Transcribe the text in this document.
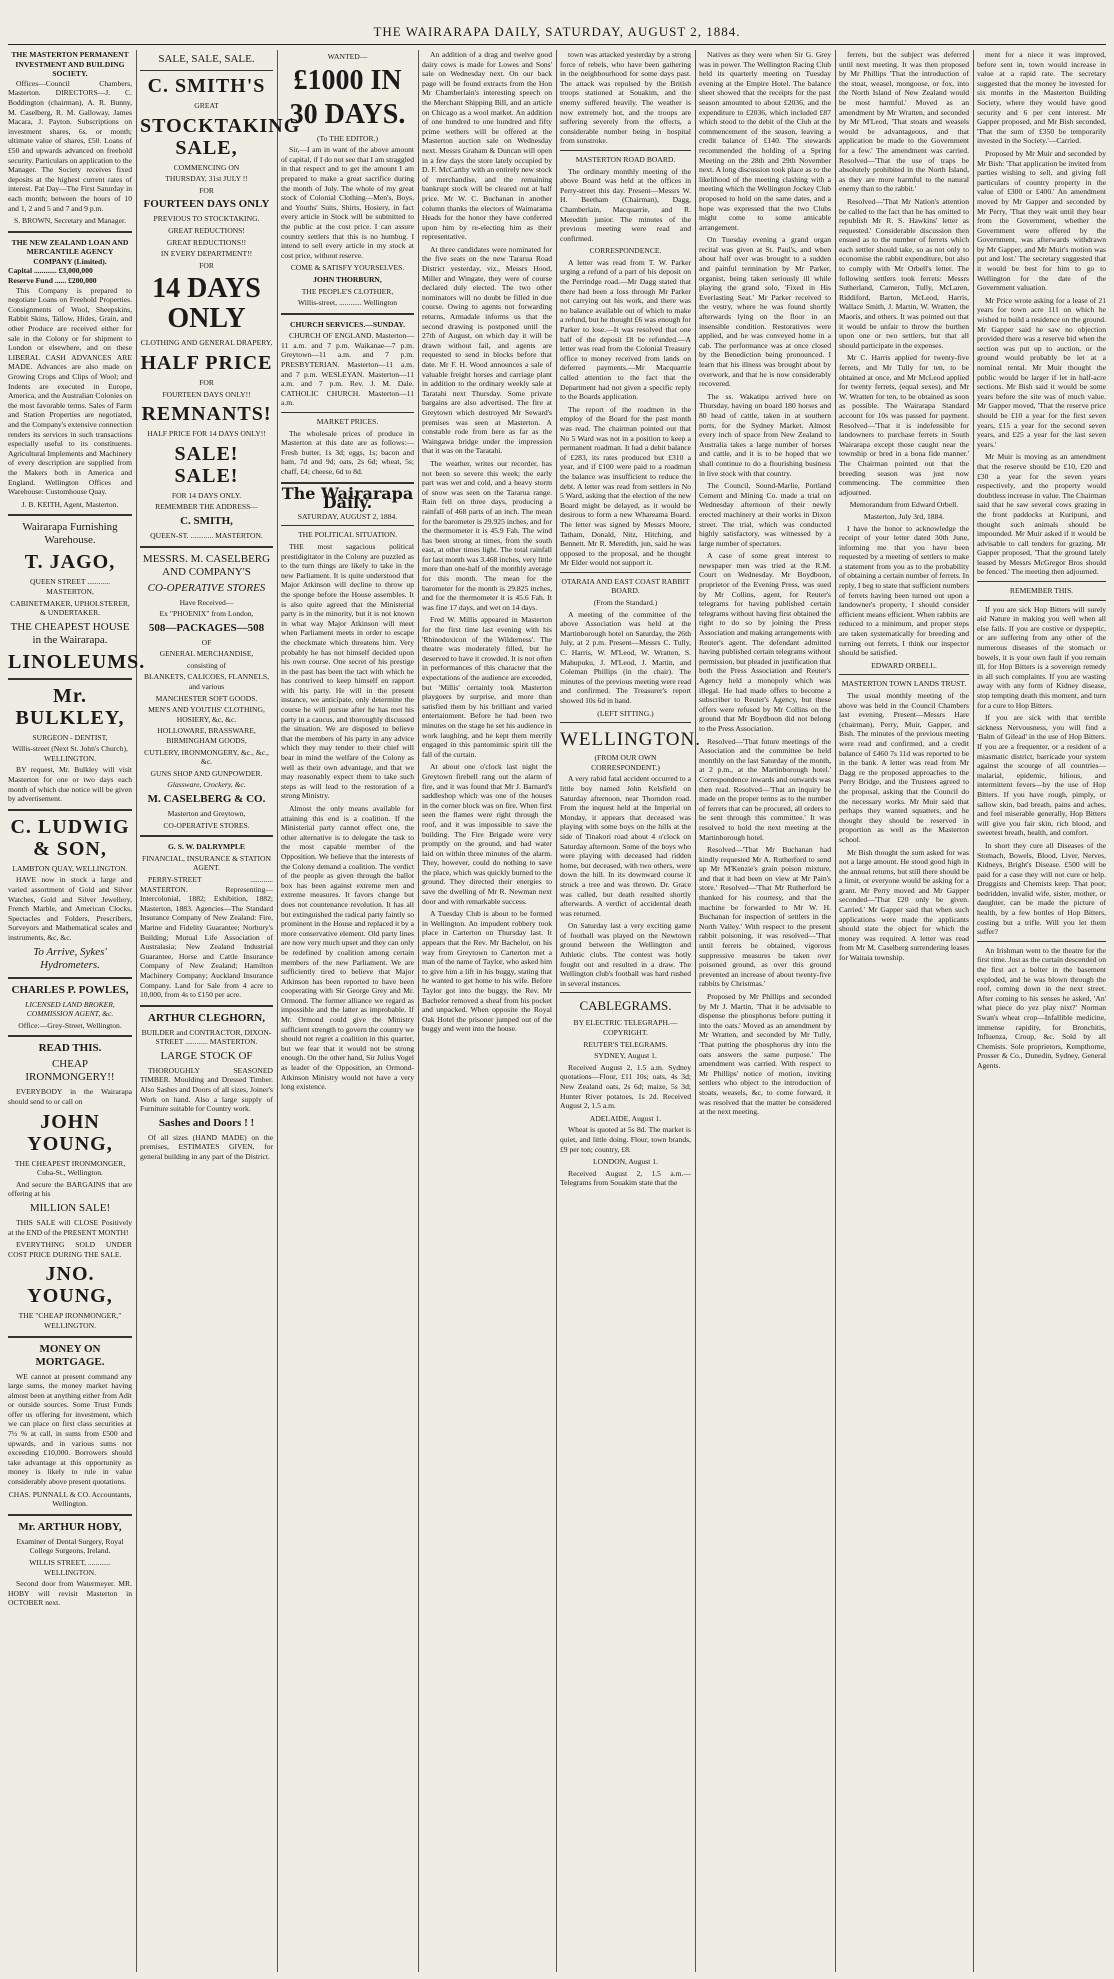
THE WAIRARAPA DAILY, SATURDAY, AUGUST 2, 1884.
THE MASTERTON PERMANENT INVESTMENT AND BUILDING SOCIETY.

Offices—Council Chambers, Masterton. DIRECTORS—J. C. Boddington (chairman), A. R. Bunny, M. Caselberg, R. M. Galloway, James Macara, J. Payton. Subscriptions on investment shares, 6s. or month; ultimate value of shares, £50. Loans of £50 and upwards advanced on freehold security. Particulars on application to the Manager. The Society receives fixed deposits at the highest current rates of interest. Pat Day—The First Saturday in each month; between the hours of 10 and 1, 2 and 5 and 7 and 9 p.m.

S. BROWN, Secretary and Manager.
THE NEW ZEALAND LOAN AND MERCANTILE AGENCY COMPANY (Limited).
Capital ............ £3,000,000
Reserve Fund ...... £200,000

This Company is prepared to negotiate Loans on Freehold Properties. Consignments of Wool, Sheepskins, Rabbit Skins, Tallow, Hides, Grain, and other Produce are received either for sale in the Colony or for shipment to London or elsewhere, and on these LIBERAL CASH ADVANCES ARE MADE. Advances are also made on Growing Crops and Clips of Wool; and Indents are executed in Europe, America, and the Australian Colonies on the most favorable terms. Sales of Farm and Station Properties are negotiated, and the Company's extensive connection renders its services in such transactions especially useful to its constituents. Agricultural Implements and Machinery of every description are supplied from the Makers both in America and England. Wellington Offices and Warehouse: Customhouse Quay.

J. B. KEITH, Agent, Masterton.
Wairarapa Furnishing Warehouse.
T. JAGO,
QUEEN STREET ............ MASTERTON,
CABINETMAKER, UPHOLSTERER, & UNDERTAKER.
THE CHEAPEST HOUSE in the Wairarapa.
LINOLEUMS.
Mr. BULKLEY,
SURGEON - DENTIST,
Willis-street (Next St. John's Church), WELLINGTON.

BY request, Mr. Bulkley will visit Masterton for one or two days each month of which due notice will be given by advertisement.

C. LUDWIG & SON,
LAMBTON QUAY, WELLINGTON.

HAVE now in stock a large and varied assortment of Gold and Silver Watches, Gold and Silver Jewellery, French Marble, and American Clocks, Spectacles and Folders, Prescribers, Surveyors and Mathematical scales and instruments, &c, &c.

To Arrive, Sykes' Hydrometers.
CHARLES P. POWLES,
LICENSED LAND BROKER, COMMISSION AGENT, &c.
Office:—Grey-Street, Wellington.
READ THIS.
CHEAP IRONMONGERY!!

EVERYBODY in the Wairarapa should send to or call on

JOHN YOUNG,
THE CHEAPEST IRONMONGER, Cuba-St., Wellington.

And secure the BARGAINS that are offering at his

MILLION SALE!

THIS SALE will CLOSE Positively at the END of the PRESENT MONTH!

EVERYTHING SOLD UNDER COST PRICE DURING THE SALE.

JNO. YOUNG,
THE "CHEAP IRONMONGER," WELLINGTON.
MONEY ON MORTGAGE.

WE cannot at present command any large sums, the money market having almost been at anything either from Adit or outside sources. Some Trust Funds offer us offering for investment, which we can place on first class securities at 7½ % at call, in sums from £500 and upwards, and in various sums not exceeding £10,000. Borrowers should take advantage at this opportunity as money is likely to rule in value considerably above present quotations.

CHAS. PUNNALL & CO. Accountants, Wellington.
Mr. ARTHUR HOBY,
Examiner of Dental Surgery, Royal College Surgeons, Ireland.
WILLIS STREET, ............ WELLINGTON.

Second door from Watermeyer. MR. HOBY will revisit Masterton in OCTOBER next.

SALE, SALE, SALE.
C. SMITH'S
GREAT
STOCKTAKING SALE,
COMMENCING ON
THURSDAY, 31st JULY !!
FOR
FOURTEEN DAYS ONLY
PREVIOUS TO STOCKTAKING.
GREAT REDUCTIONS!
GREAT REDUCTIONS!!
IN EVERY DEPARTMENT!!
FOR
14 DAYS ONLY
CLOTHING AND GENERAL DRAPERY,
HALF PRICE
FOR
FOURTEEN DAYS ONLY!!
REMNANTS!
HALF PRICE FOR 14 DAYS ONLY!!
SALE! SALE!
FOR 14 DAYS ONLY.
REMEMBER THE ADDRESS—
C. SMITH,
QUEEN-ST. ............ MASTERTON.
MESSRS. M. CASELBERG AND COMPANY'S
CO-OPERATIVE STORES
Have Received—
Ex "PHOENIX" from London,
508—PACKAGES—508
OF
GENERAL MERCHANDISE,
consisting of
BLANKETS, CALICOES, FLANNELS, and various
MANCHESTER SOFT GOODS.
MEN'S AND YOUTHS' CLOTHING, HOSIERY, &c, &c.
HOLLOWARE, BRASSWARE, BIRMINGHAM GOODS,
CUTLERY, IRONMONGERY, &c., &c., &c.
GUNS SHOP AND GUNPOWDER.
Glassware, Crockery, &c.
M. CASELBERG & CO.
Masterton and Greytown,
CO-OPERATIVE STORES.
G. S. W. DALRYMPLE
FINANCIAL, INSURANCE & STATION AGENT.

PERRY-STREET ............ MASTERTON. Representing—Intercolonial, 1882; Exhibition, 1882; Masterton, 1883. Agencies—The Standard Insurance Company of New Zealand: Fire, Marine and Fidelity Guarantee; Norbury's Building; Mutual Life Association of Australasia; New Zealand Industrial Guarantee, Horse and Cattle Insurance Company of New Zealand; Hamilton Machinery Company; Auckland Insurance Company. Land for Sale from 4 acre to 10,000, from 4s to £150 per acre.

ARTHUR CLEGHORN,
BUILDER and CONTRACTOR, DIXON-STREET ............ MASTERTON.
LARGE STOCK OF

THOROUGHLY SEASONED TIMBER. Moulding and Dressed Timber. Also Sashes and Doors of all sizes, Joiner's Work on hand. Also a large supply of Furniture suitable for Country work.

Sashes and Doors ! !

Of all sizes (HAND MADE) on the premises, ESTIMATES GIVEN, for general building in any part of the District.

WANTED—
£1000 IN
30 DAYS.
(To THE EDITOR.)

Sir,—I am in want of the above amount of capital, if I do not see that I am straggled in that respect and to get the amount I am prepared to make a great sacrifice during the month of July. The whole of my great stock of Colonial Clothing—Men's, Boys, and Youths' Suits, Shirts, Hosiery, in fact every article in Stock will be submitted to the public at the cost price. I can assure country settlers that this is no humbug. I intend to sell every article in my stock at cost price, without reserve.

COME & SATISFY YOURSELVES.
JOHN THORBURN,
THE PEOPLE'S CLOTHIER,
Willis-street, ............ Wellington
CHURCH SERVICES.—SUNDAY.

CHURCH OF ENGLAND. Masterton—11 a.m. and 7 p.m. Waikanae—7 p.m. Greytown—11 a.m. and 7 p.m. PRESBYTERIAN. Masterton—11 a.m. and 7 p.m. WESLEYAN. Masterton—11 a.m. and 7 p.m. Rev. J. M. Dale. CATHOLIC CHURCH. Masterton—11 a.m.

MARKET PRICES.

The wholesale prices of produce in Masterton at this date are as follows:—Fresh butter, 1s 3d; eggs, 1s; bacon and ham, 7d and 9d; oats, 2s 6d; wheat, 5s; chaff, £4; cheese, 6d to 8d.

The Wairarapa Daily.
SATURDAY, AUGUST 2, 1884.
THE POLITICAL SITUATION.

THE most sagacious political prestidigitator in the Colony are puzzled as to the turn things are likely to take in the new Parliament. It is quite understood that Major Atkinson will decline to throw up the sponge before the House assembles. It is also quite agreed that the Ministerial party is in the minority, but it is not known in what way Major Atkinson will meet when Parliament meets in order to escape the checkmate which threatens him. Very probably he has not himself decided upon his own course. One secret of his prestige in the past has been the tact with which he has contrived to keep himself en rapport with his party. He will in the present instance, we anticipate, only determine the course he will pursue after he has met his party in a caucus, and thoroughly discussed the situation. We are disposed to believe that the members of his party in any advice which they may tender to their chief will bear in mind the welfare of the Colony as well as their own advantage, and that we may reasonably expect them to take such steps as will lead to the restoration of a strong Ministry.

Almost the only means available for attaining this end is a coalition. If the Ministerial party cannot effect one, the other alternative is to delegate the task to the most capable member of the Opposition. We believe that the interests of the Colony demand a coalition. The verdict of the people as given through the ballot box has been against extreme men and extreme measures. It favors change but does not countenance revolution. It has all but extinguished the radical party faintly so prominent in the House and replaced it by a more conservative element. Old party lines are now very much upset and they can only be redefined by coalition among certain members of the new Parliament. We are sufficiently tired to believe that Major Atkinson has been reported to have been cooperating with Sir George Grey and Mr. Ormond. The former alliance we regard as impossible and the latter as improbable. If Mr. Ormond could give the Ministry sufficient strength to govern the country we should not regret a coalition in this quarter, but we fear that it would not be strong enough. On the other hand, Sir Julius Vogel as leader of the Opposition, an Ormond-Atkinson Ministry would not have a very long existence.

An addition of a drag and twelve good dairy cows is made for Lowes and Sons' sale on Wednesday next. On our back page will be found extracts from the Hon Mr Chamberlain's interesting speech on the Merchant Shipping Bill, and an article on Chicago as a wool market. An addition of one hundred to one hundred and fifty prime wethers will be offered at the Masterton auction sale on Wednesday next. Messrs Graham & Duncan will open in a few days the store lately occupied by D. F. McCarthy with an entirely new stock of merchandise, and the remaining bankrupt stock will be cleared out at half price. Mr W. C. Buchanan in another column thanks the electors of Waimarama Heads for the honor they have conferred upon him by re-electing him as their representative.

At three candidates were nominated for the five seats on the new Tararua Road District yesterday, viz., Messrs Hood, Miller and Wingate, they were of course declared duly elected. The two other nominators will no doubt be filled in due course. Owing to agents not forwarding returns, Armadale informs us that the second drawing is postponed until the 27th of August, on which day it will be drawn without fail, and agents are requested to send in blocks before that date. Mr F. H. Wood announces a sale of valuable freight horses and carriage plant in addition to the ordinary weekly sale at Taratahi next Thursday. Some private bargains are also advertised. The fire at Greytown which destroyed Mr Seward's premises was seen at Masterton. A constable rode from here as far as the Waingawa bridge under the impression that it was on the Taratahi.

The weather, writes our recorder, has not been so severe this week; the early part was wet and cold, and a heavy storm of snow was seen on the Tararua range. Rain fell on three days, producing a rainfall of 468 parts of an inch. The mean for the barometer is 29.925 inches, and for the thermometer it is 45.9 Fah. The wind has been strong at times, from the south east, at other times light. The total rainfall for last month was 3.468 inches, very little more than one-half of the monthly average for this month. The mean for the barometer for the month is 29.825 inches, and for the thermometer it is 45.6 Fah. It was fine 17 days, and wet on 14 days.

Fred W. Millis appeared in Masterton for the first time last evening with his 'Rhinodoxicon of the Wilderness'. The theatre was moderately filled, but he deserved to have it crowded. It is not often in performances of this character that the expectations of the audience are exceeded, but 'Millis' certainly took Masterton playgoers by surprise, and more than satisfied them by his brilliant and varied entertainment. Before he had been two minutes on the stage he set his audience in work laughing, and he kept them merrily engaged in this pantomimic spirit till the fall of the curtain.

At about one o'clock last night the Greytown firebell rang out the alarm of fire, and it was found that Mr J. Barnard's saddleshop which was one of the houses in the corner block was on fire. When first seen the flames were right through the roof, and it was impossible to save the building. The Fire Brigade were very promptly on the ground, and had water laid on within three minutes of the alarm. They, however, could do nothing to save the place, which was quickly burned to the ground. They directed their energies to save the dwelling of Mr R. Newman next door and with remarkable success.

A Tuesday Club is about to be formed in Wellington. An impudent robbery took place in Carterton on Thursday last. It appears that the Rev. Mr Bachelor, on his way from Greytown to Carterton met a man of the name of Taylor, who asked him to give him a lift in his buggy, stating that he wanted to get home to his wife. Before Taylor got into the buggy, the Rev. Mr Bachelor removed a sheaf from his pocket and unpacked. When opposite the Royal Oak Hotel the prisoner jumped out of the buggy and went into the house.

town was attacked yesterday by a strong force of rebels, who have been gathering in the neighbourhood for some days past. The attack was repulsed by the British troops stationed at Souakim, and the enemy suffered heavily. The weather is now extremely hot, and the troops are suffering severely from the effects, a considerable number being in hospital from sunstroke.

MASTERTON ROAD BOARD.

The ordinary monthly meeting of the above Board was held at the offices in Perry-street this day. Present—Messrs W. H. Beetham (Chairman), Dagg, Chamberlain, Macquarrie, and R. Meredith junior. The minutes of the previous meeting were read and confirmed.

CORRESPONDENCE.

A letter was read from T. W. Parker urging a refund of a part of his deposit on the Perrindge road.—Mr Dagg stated that there had been a loss through Mr Parker not carrying out his work, and there was no balance available out of which to make a refund, but he thought £6 was enough for Parker to lose.—It was resolved that one half of the deposit £8 be refunded.—A letter was read from the Colonial Treasury office to money received from lands on deferred payments.—Mr Macquarrie called attention to the fact that the Department had not given a specific reply to the Boards application.

The report of the roadmen in the employ of the Board for the past month was read. The chairman pointed out that No 5 Ward was not in a position to keep a permanent roadman. It had a debit balance of £283, its rates produced but £310 a year, and if £100 were paid to a roadman the balance was insufficient to reduce the debt. A letter was read from settlers in No 5 Ward, asking that the election of the new Board might be delayed, as it would be desirous to form a new Whareama Board. The letter was signed by Messrs Moore, Tatham, Donald, Nitz, Hitching, and Bennett. Mr R. Meredith, jun, said he was opposed to the proposal, and he thought Mr Elder would not support it.

OTARAIA AND EAST COAST RABBIT BOARD.
(From the Standard.)

A meeting of the committee of the above Association was held at the Martinborough hotel on Saturday, the 26th July, at 2 p.m. Present—Messrs C. Tully, C. Harris, W. M'Leod, W. Wratten, S. Mahupuku, J. M'Leod, J. Martin, and Coleman Phillips (in the chair). The minutes of the previous meeting were read and confirmed. The Treasurer's report showed 10s 6d in hand.

(LEFT SITTING.)
WELLINGTON.
(FROM OUR OWN CORRESPONDENT.)

A very rabid fatal accident occurred to a little boy named John Kelsfield on Saturday afternoon, near Thorndon road. From the inquest held at the Imperial on Monday, it appears that deceased was playing with some boys on the hills at the side of Tinakori road about 4 o'clock on Saturday afternoon. Some of the boys who were playing with deceased had ridden home, but deceased, with two others, were down the hill. In its downward course it struck a tree and was thrown. Dr. Grace was called, but death resulted shortly afterwards. A verdict of accidental death was returned.

On Saturday last a very exciting game of football was played on the Newtown ground between the Wellington and Athletic clubs. The contest was hotly fought out and resulted in a draw. The Wellington club's football was hard rushed in several instances.

CABLEGRAMS.
BY ELECTRIC TELEGRAPH.—COPYRIGHT.
REUTER'S TELEGRAMS.
SYDNEY, August 1.

Received August 2, 1.5 a.m. Sydney quotations—Flour, £11 10s; oats, 4s 3d; New Zealand oats, 2s 6d; maize, 5s 3d; Hunter River potatoes, 1s 2d. Received August 2, 1.5 a.m.

ADELAIDE, August 1.

Wheat is quoted at 5s 8d. The market is quiet, and little doing. Flour, town brands, £9 per ton; country, £8.

LONDON, August 1.

Received August 2, 1.5 a.m.—Telegrams from Souakim state that the

Natives as they were when Sir G. Grey was in power. The Wellington Racing Club held its quarterly meeting on Tuesday evening at the Empire Hotel. The balance sheet showed that the receipts for the past season amounted to about £2036, and the expenditure to £2036, which included £87 which stood to the debit of the Club at the commencement of the season, leaving a credit balance of £140. The stewards recommended the holding of a Spring Meeting on the 28th and 29th November next. A long discussion took place as to the likelihood of the meeting clashing with a meeting which the Wellington Jockey Club proposed to hold on the same dates, and a hope was expressed that the two Clubs might come to some amicable arrangement.

On Tuesday evening a grand organ recital was given at St. Paul's, and when about half over was brought to a sudden and painful termination by Mr Parker, organist, being taken seriously ill while playing the grand solo, 'Fixed in His Everlasting Seat.' Mr Parker received to the vestry, where he was found shortly afterwards lying on the floor in an insensible condition. Restoratives were applied, and he was conveyed home in a cab. The performance was at once closed by the Benediction being pronounced. I learn that his illness was brought about by overwork, and that he is now considerably recovered.

The ss. Wakatipu arrived here on Thursday, having on board 180 horses and 80 head of cattle, taken in at southern ports, for the Sydney Market. Almost every inch of space from New Zealand to Australia takes a large number of horses and cattle, and it is to be hoped that we shall continue to do a flourishing business in live stock with that country.

The Council, Sound-Marlie, Portland Cement and Mining Co. made a trial on Wednesday afternoon of their newly erected machinery at their works in Dixon street. The trial, which was conducted highly satisfactory, was witnessed by a large number of spectators.

A case of some great interest to newspaper men was tried at the R.M. Court on Wednesday. Mr Boydboon, proprietor of the Evening Press, was sued by Mr Collins, agent, for Reuter's telegrams for having published certain telegrams without having first obtained the right to do so by joining the Press Association and making arrangements with Reuter's agent. The defendant admitted having published certain telegrams without permission, but pleaded in justification that both the Press Association and Reuter's Agency held a monopoly which was illegal. He had made offers to become a subscriber to Reuter's Agency, but these offers were refused by Mr Collins on the ground that Mr Boydboon did not belong to the Press Association.

Resolved—'That future meetings of the Association and the committee be held monthly on the last Saturday of the month, at 2 p.m., at the Martinborough hotel.' Correspondence inwards and outwards was then read. Resolved—'That an inquiry be made on the proper terms as to the number of ferrets that can be procured, all orders to be sent through this committee.' It was resolved to hold the next meeting at the Martinborough hotel.

Resolved—'That Mr Buchanan had kindly requested Mr A. Rutherford to send up Mr M'Kenzie's grain poison mixture, and that it had been on view at Mr Pain's store.' Resolved—'That Mr Rutherford be thanked for his courtesy, and that the machine be forwarded to Mr W. H. Buchanan for inspection of settlers in the North Valley.' With respect to the present rabbit poisoning, it was resolved—'That until ferrets be obtained, vigorous suppressive measures be taken over poisoned ground, as over this ground prevented an increase of about twenty-five rabbits by Christmas.'

Proposed by Mr Phillips and seconded by Mr J. Martin, 'That it be advisable to dispense the phosphorus before putting it into the oats.' Moved as an amendment by Mr Wratten, and seconded by Mr Tully, 'That putting the phosphorus dry into the oats answers the same purpose.' The amendment was carried. With respect to Mr Phillips' notice of motion, inviting settlers who object to the introduction of stoats, weasels, &c, to come forward, it was resolved that the matter be considered at the next meeting.

ferrets, but the subject was deferred until next meeting. It was then proposed by Mr Phillips 'That the introduction of the stoat, weasel, mongoose, or fox, into the North Island of New Zealand would be most harmful.' Moved as an amendment by Mr Wratten, and seconded by Mr M'Leod, 'That stoats and weasels would be advantageous, and that application be made to the Government for a few.' The amendment was carried. Resolved—'That the use of traps be absolutely prohibited in the North Island, as they are more harmful to the natural enemy than to the rabbit.'

Resolved—'That Mr Nation's attention be called to the fact that he has omitted to republish Mr R. S. Hawkins' letter as requested.' Considerable discussion then ensued as to the number of ferrets which each settler should take, so as not only to economise the rabbit expenditure, but also to comply with Mr Orbell's letter. The following settlers took ferrets: Messrs Sutherland, Cameron, Tully, McLaren, Riddiford, Barton, McLeod, Harris, Wallace Smith, J. Martin, W. Wratten, the Maoris, and others. It was pointed out that it would be unfair to throw the burthen upon one or two settlers, but that all should participate in the expenses.

Mr C. Harris applied for twenty-five ferrets, and Mr Tully for ten, to be obtained at once, and Mr McLeod applied for twenty ferrets, (equal sexes), and Mr W. Wratten for ten, to be obtained as soon as possible. The Wairarapa Standard account for 10s was passed for payment. Resolved—'That it is indefensible for landowners to purchase ferrets in South Wairarapa except those caught near the township or bred in a bona fide manner.' The Chairman pointed out that the breeding season was just now commencing. The committee then adjourned.

Memorandum from Edward Orbell.
Masterton, July 3rd, 1884.

I have the honor to acknowledge the receipt of your letter dated 30th June, informing me that you have been requested by a meeting of settlers to make a statement from you as to the probability of obtaining a certain number of ferrets. In reply, I beg to state that sufficient numbers of ferrets having been turned out upon a landowner's property, I should consider efficient means efficient. When rabbits are reduced to a minimum, and proper steps are taken systematically for breeding and turning out ferrets, I think our inspector should be satisfied.

EDWARD ORBELL.
MASTERTON TOWN LANDS TRUST.

The usual monthly meeting of the above was held in the Council Chambers last evening. Present—Messrs Hare (chairman), Perry, Muir, Gapper, and Bish. The minutes of the previous meeting were read and confirmed, and a credit balance of £460 7s 11d was reported to be in the bank. A letter was read from Mr Dagg re the proposed approaches to the Perry Bridge, and the Trustees agreed to the proposal, asking that the Council do the necessary works. Mr Muir said that perhaps they wanted squatters, and he thought they should be reserved in proportion as well as the Masterton school.

Mr Bish thought the sum asked for was not a large amount. He stood good high in the annual returns, but still there should be a limit, or everyone would be asking for a grant. Mr Perry moved and Mr Gapper seconded—'That £20 only be given. Carried.' Mr Gapper said that when such applications were made the applicants should state the object for which the money was required. A letter was read from Mr M. Caselberg surrendering leases for Waitaia township.

ment for a niece it was improved, before sent in, town would increase in value at a rapid rate. The secretary suggested that the money be invested for six months in the Masterton Building Society, where they would have good security and 6 per cent interest. Mr Gapper proposed, and Mr Bish seconded, 'That the sum of £350 be temporarily invested in the Society.'—Carried.

Proposed by Mr Muir and seconded by Mr Bish: 'That application be invited from parties wishing to sell, and giving full particulars of country property in the value of £300 or £400.' An amendment moved by Mr Gapper and seconded by Mr Perry, 'That they wait until they hear from the Government, whether the Government were offered by the Government, was afterwards withdrawn by Mr Gapper, and Mr Muir's motion was put and lost.' The secretary suggested that it would be best for him to go to Wellington for the date of the Government valuation.

Mr Price wrote asking for a lease of 21 years for town acre 111 on which he wished to build a residence on the ground. Mr Gapper said he saw no objection provided there was a reserve bid when the section was put up to auction, or the ground would probably be let at a nominal rental. Mr Muir thought the public would be larger if let in half-acre sections. Mr Bish said it would be some years before the site was of much value. Mr Gapper moved, 'That the reserve price should be £10 a year for the first seven years, £15 a year for the second seven years, and £25 a year for the last seven years.'

Mr Muir is moving as an amendment that the reserve should be £10, £20 and £30 a year for the seven years respectively, and the property would doubtless increase in value. The Chairman said that he saw several cows grazing in the front paddocks at Kuripuni, and thought such animals should be impounded. Mr Muir asked if it would be advisable to call tenders for grazing. Mr Gapper proposed, 'That the ground lately leased by Messrs McGregor Bros should be fenced.' The meeting then adjourned.

REMEMBER THIS.

If you are sick Hop Bitters will surely aid Nature in making you well when all else fails. If you are costive or dyspeptic, or are suffering from any other of the numerous diseases of the stomach or bowels, it is your own fault if you remain ill, for Hop Bitters is a sovereign remedy in all such complaints. If you are wasting away with any form of Kidney disease, stop tempting death this moment, and turn for a cure to Hop Bitters.

If you are sick with that terrible sickness Nervousness, you will find a 'Balm of Gilead' in the use of Hop Bitters. If you are a frequenter, or a resident of a miasmatic district, barricade your system against the scourge of all countries—malarial, epidemic, bilious, and intermittent fevers—by the use of Hop Bitters. If you have rough, pimply, or sallow skin, bad breath, pains and aches, and feel miserable generally, Hop Bitters will give you fair skin, rich blood, and sweetest breath, health, and comfort.

In short they cure all Diseases of the Stomach, Bowels, Blood, Liver, Nerves, Kidneys, Bright's Disease. £500 will be paid for a case they will not cure or help. Druggists and Chemists keep. That poor, bedridden, invalid wife, sister, mother, or daughter, can be made the picture of health, by a few bottles of Hop Bitters, costing but a trifle. Will you let them suffer?

An Irishman went to the theatre for the first time. Just as the curtain descended on the first act a bolter in the basement exploded, and he was blown through the roof, coming down in the next street. After coming to his senses he asked, 'An' what piece do yez play nixt?' Norman Swan's wheat crop—Infallible medicine, immense rapidity, for Bronchitis, Influenza, Croup, &c. Sold by all Chemists. Sole proprietors, Kempthorne, Prosser & Co., Dunedin, Sydney, General Agents.
